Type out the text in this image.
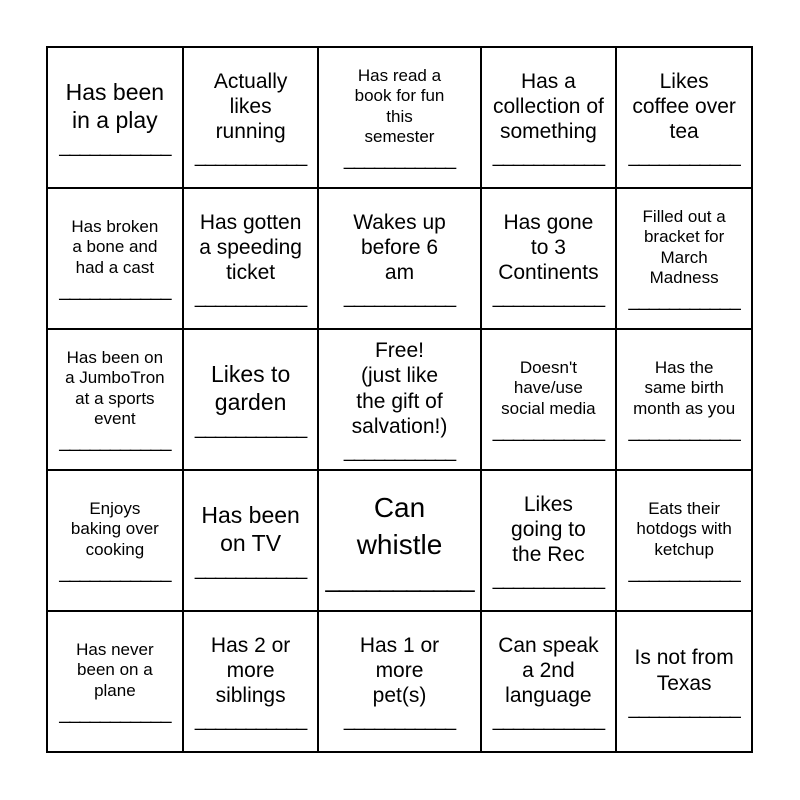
Has been
in a play
___________
Actually
likes
running
___________
Has read a
book for fun
this
semester
___________
Has a
collection of
something
___________
Likes
coffee over
tea
___________
Has broken
a bone and
had a cast
___________
Has gotten
a speeding
ticket
___________
Wakes up
before 6
am
___________
Has gone
to 3
Continents
___________
Filled out a
bracket for
March
Madness
___________
Has been on
a JumboTron
at a sports
event
___________
Likes to
garden
___________
Free!
(just like
the gift of
salvation!)
___________
Doesn't
have/use
social media
___________
Has the
same birth
month as you
___________
Enjoys
baking over
cooking
___________
Has been
on TV
___________
Can
whistle
___________
Likes
going to
the Rec
___________
Eats their
hotdogs with
ketchup
___________
Has never
been on a
plane
___________
Has 2 or
more
siblings
___________
Has 1 or
more
pet(s)
___________
Can speak
a 2nd
language
___________
Is not from
Texas
___________
